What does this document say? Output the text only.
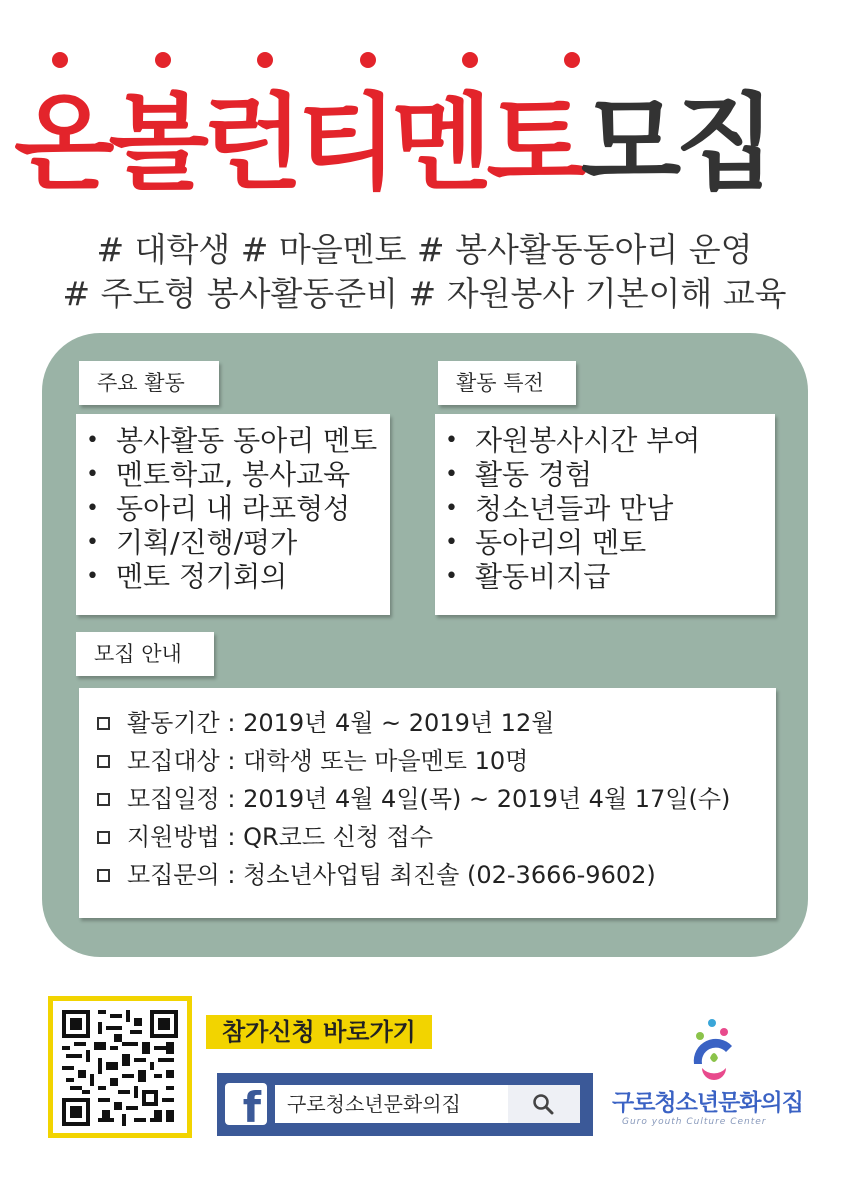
온볼런티멘토모집
# 대학생 # 마을멘토 # 봉사활동동아리 운영
# 주도형 봉사활동준비 # 자원봉사 기본이해 교육
주요 활동
• 봉사활동 동아리 멘토
• 멘토학교, 봉사교육
• 동아리 내 라포형성
• 기획/진행/평가
• 멘토 정기회의
활동 특전
• 자원봉사시간 부여
• 활동 경험
• 청소년들과 만남
• 동아리의 멘토
• 활동비지급
모집 안내
활동기간 : 2019년 4월 ~ 2019년 12월
모집대상 : 대학생 또는 마을멘토 10명
모집일정 : 2019년 4월 4일(목) ~ 2019년 4월 17일(수)
지원방법 : QR코드 신청 접수
모집문의 : 청소년사업팀 최진솔 (02-3666-9602)
참가신청 바로가기
f 구로청소년문화의집	구로청소년문화의집
Guro youth Culture Center
